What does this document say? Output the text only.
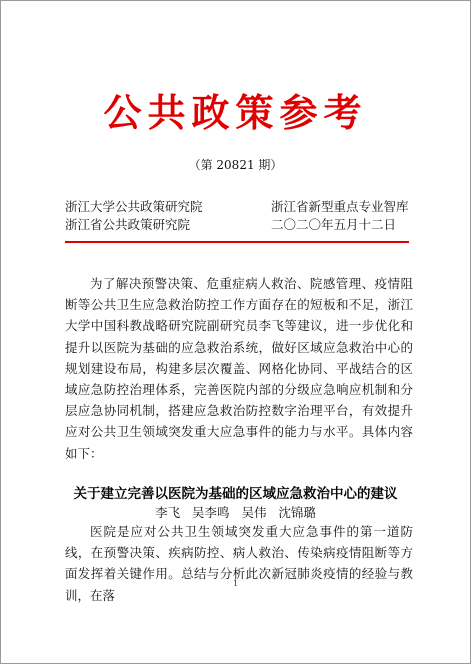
公共政策参考
（第 20821 期）
浙江大学公共政策研究院
浙江省公共政策研究院
浙江省新型重点专业智库
二〇二〇年五月十二日
为了解决预警决策、危重症病人救治、院感管理、疫情阻断等公共卫生应急救治防控工作方面存在的短板和不足，浙江大学中国科教战略研究院副研究员李飞等建议，进一步优化和提升以医院为基础的应急救治系统，做好区域应急救治中心的规划建设布局，构建多层次覆盖、网格化协同、平战结合的区域应急防控治理体系，完善医院内部的分级应急响应机制和分层应急协同机制，搭建应急救治防控数字治理平台，有效提升应对公共卫生领域突发重大应急事件的能力与水平。具体内容如下：
关于建立完善以医院为基础的区域应急救治中心的建议
李飞   吴李鸣   吴伟   沈锦璐
医院是应对公共卫生领域突发重大应急事件的第一道防线，在预警决策、疾病防控、病人救治、传染病疫情阻断等方面发挥着关键作用。总结与分析此次新冠肺炎疫情的经验与教训，在落
1
